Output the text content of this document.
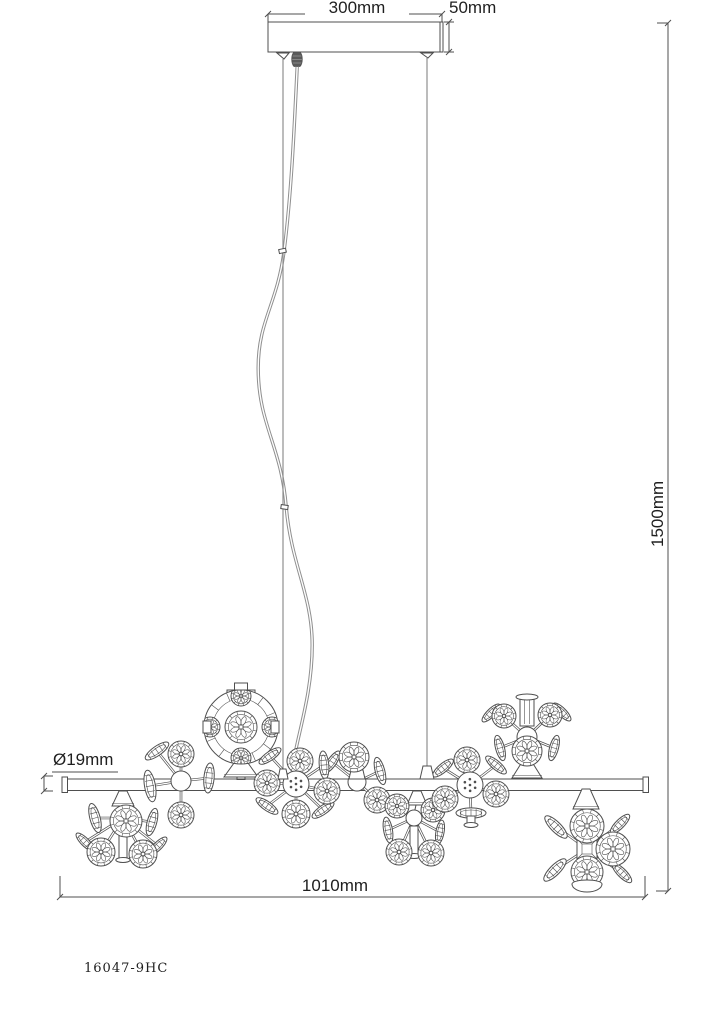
300mm	50mm
1500mm
1010mm
Ø19mm
16047-9HC
